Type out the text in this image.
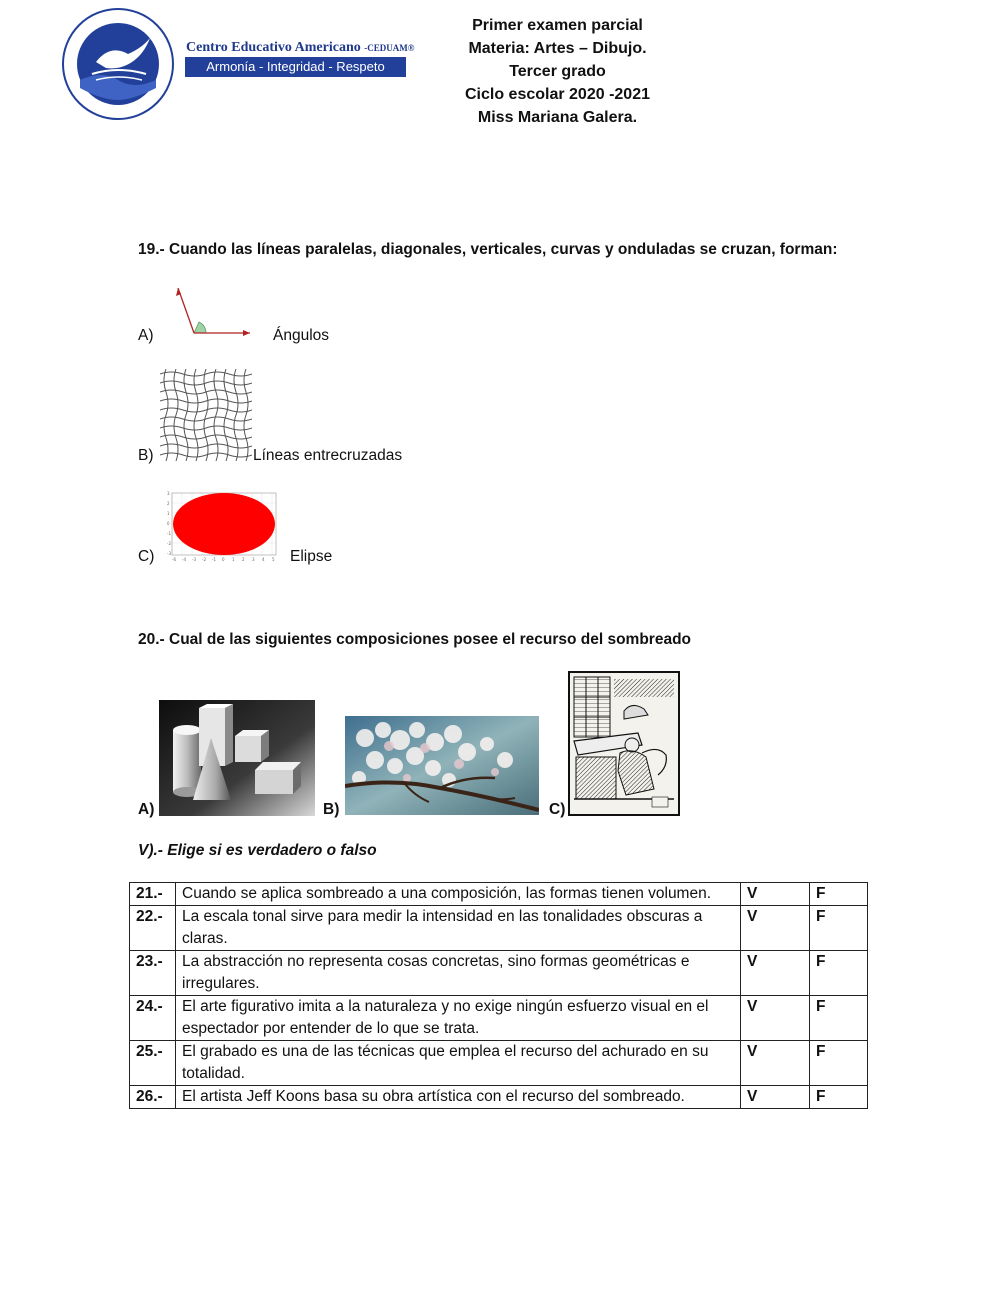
Centro Educativo Americano -CEDUAM®
Armonía - Integridad - Respeto
Primer examen parcial
Materia: Artes – Dibujo.
Tercer grado
Ciclo escolar 2020 -2021
Miss Mariana Galera.
19.- Cuando las líneas paralelas, diagonales, verticales, curvas y onduladas se cruzan, forman:
A)	Ángulos
B)	Líneas entrecruzadas
C)
3
2
1
0
-1
-2
-3
-6 -4 -3 -2 -1 0 1 2 3 4 5 Elipse
20.- Cual de las siguientes composiciones posee el recurso del sombreado
A)	B)	C)
V).- Elige si es verdadero o falso
21.-	Cuando se aplica sombreado a una composición, las formas tienen volumen.	V	F
22.-	La escala tonal sirve para medir la intensidad en las tonalidades obscuras a claras.	V	F
23.-	La abstracción no representa cosas concretas, sino formas geométricas e irregulares.	V	F
24.-	El arte figurativo imita a la naturaleza y no exige ningún esfuerzo visual en el espectador por entender de lo que se trata.	V	F
25.-	El grabado es una de las técnicas que emplea el recurso del achurado en su totalidad.	V	F
26.-	El artista Jeff Koons basa su obra artística con el recurso del sombreado.	V	F
